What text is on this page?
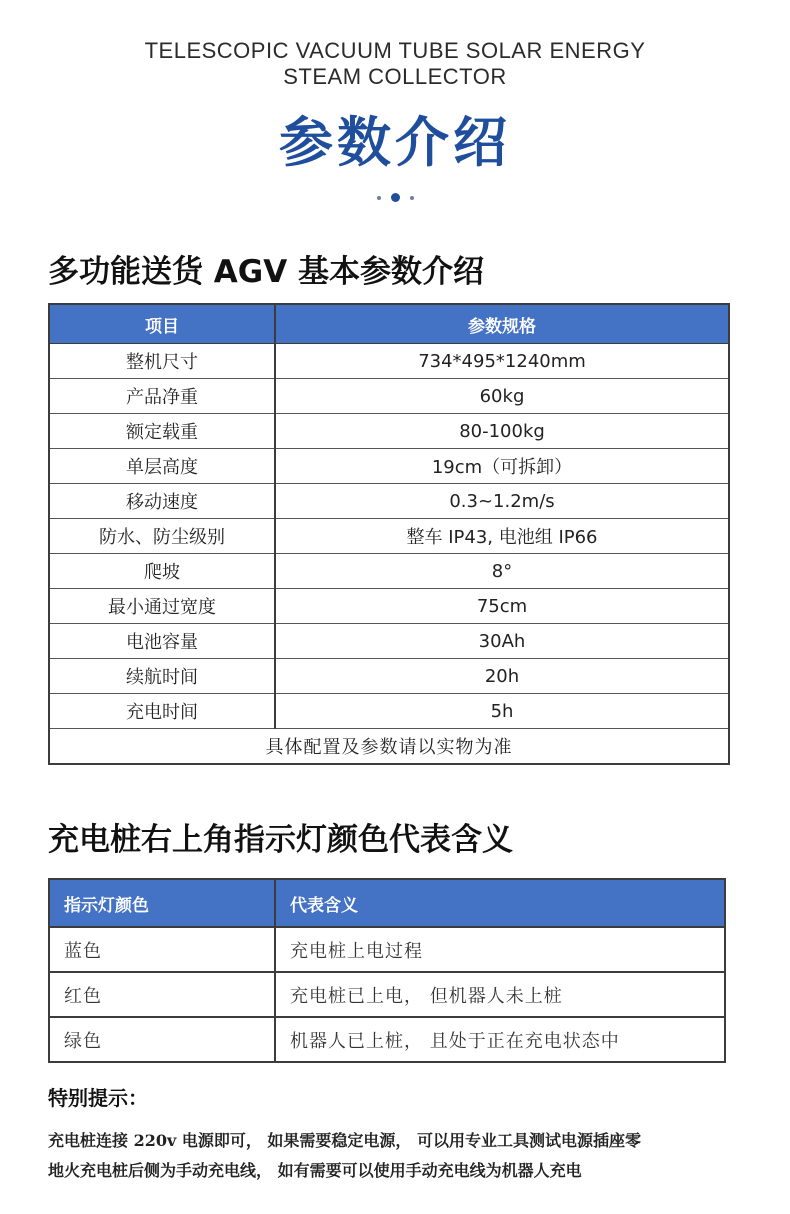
TELESCOPIC VACUUM TUBE SOLAR ENERGY
STEAM COLLECTOR
参数介绍
多功能送货 AGV 基本参数介绍
项目	参数规格
整机尺寸	734*495*1240mm
产品净重	60kg
额定载重	80-100kg
单层高度	19cm（可拆卸）
移动速度	0.3~1.2m/s
防水、防尘级别	整车 IP43, 电池组 IP66
爬坡	8°
最小通过宽度	75cm
电池容量	30Ah
续航时间	20h
充电时间	5h
具体配置及参数请以实物为准	
充电桩右上角指示灯颜色代表含义
指示灯颜色	代表含义
蓝色	充电桩上电过程
红色	充电桩已上电， 但机器人未上桩
绿色	机器人已上桩， 且处于正在充电状态中
特别提示：
充电桩连接 220v 电源即可， 如果需要稳定电源， 可以用专业工具测试电源插座零
地火充电桩后侧为手动充电线， 如有需要可以使用手动充电线为机器人充电
